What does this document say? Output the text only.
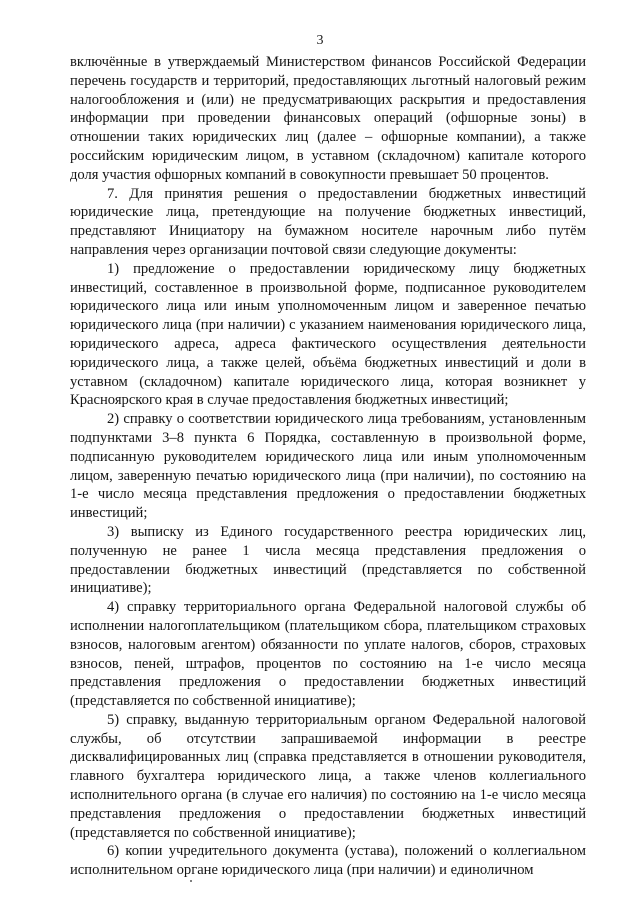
3

включённые в утверждаемый Министерством финансов Российской Федерации перечень государств и территорий, предоставляющих льготный налоговый режим налогообложения и (или) не предусматривающих раскрытия и предоставления информации при проведении финансовых операций (офшорные зоны) в отношении таких юридических лиц (далее – офшорные компании), а также российским юридическим лицом, в уставном (складочном) капитале которого доля участия офшорных компаний в совокупности превышает 50 процентов.

7. Для принятия решения о предоставлении бюджетных инвестиций юридические лица, претендующие на получение бюджетных инвестиций, представляют Инициатору на бумажном носителе нарочным либо путём направления через организации почтовой связи следующие документы:

1) предложение о предоставлении юридическому лицу бюджетных инвестиций, составленное в произвольной форме, подписанное руководителем юридического лица или иным уполномоченным лицом и заверенное печатью юридического лица (при наличии) с указанием наименования юридического лица, юридического адреса, адреса фактического осуществления деятельности юридического лица, а также целей, объёма бюджетных инвестиций и доли в уставном (складочном) капитале юридического лица, которая возникнет у Красноярского края в случае предоставления бюджетных инвестиций;

2) справку о соответствии юридического лица требованиям, установленным подпунктами 3–8 пункта 6 Порядка, составленную в произвольной форме, подписанную руководителем юридического лица или иным уполномоченным лицом, заверенную печатью юридического лица (при наличии), по состоянию на 1-е число месяца представления предложения о предоставлении бюджетных инвестиций;

3) выписку из Единого государственного реестра юридических лиц, полученную не ранее 1 числа месяца представления предложения о предоставлении бюджетных инвестиций (представляется по собственной инициативе);

4) справку территориального органа Федеральной налоговой службы об исполнении налогоплательщиком (плательщиком сбора, плательщиком страховых взносов, налоговым агентом) обязанности по уплате налогов, сборов, страховых взносов, пеней, штрафов, процентов по состоянию на 1-е число месяца представления предложения о предоставлении бюджетных инвестиций (представляется по собственной инициативе);

5) справку, выданную территориальным органом Федеральной налоговой службы, об отсутствии запрашиваемой информации в реестре дисквалифицированных лиц (справка представляется в отношении руководителя, главного бухгалтера юридического лица, а также членов коллегиального исполнительного органа (в случае его наличия) по состоянию на 1-е число месяца представления предложения о предоставлении бюджетных инвестиций (представляется по собственной инициативе);

6) копии учредительного документа (устава), положений о коллегиальном исполнительном органе юридического лица (при наличии) и единоличном
